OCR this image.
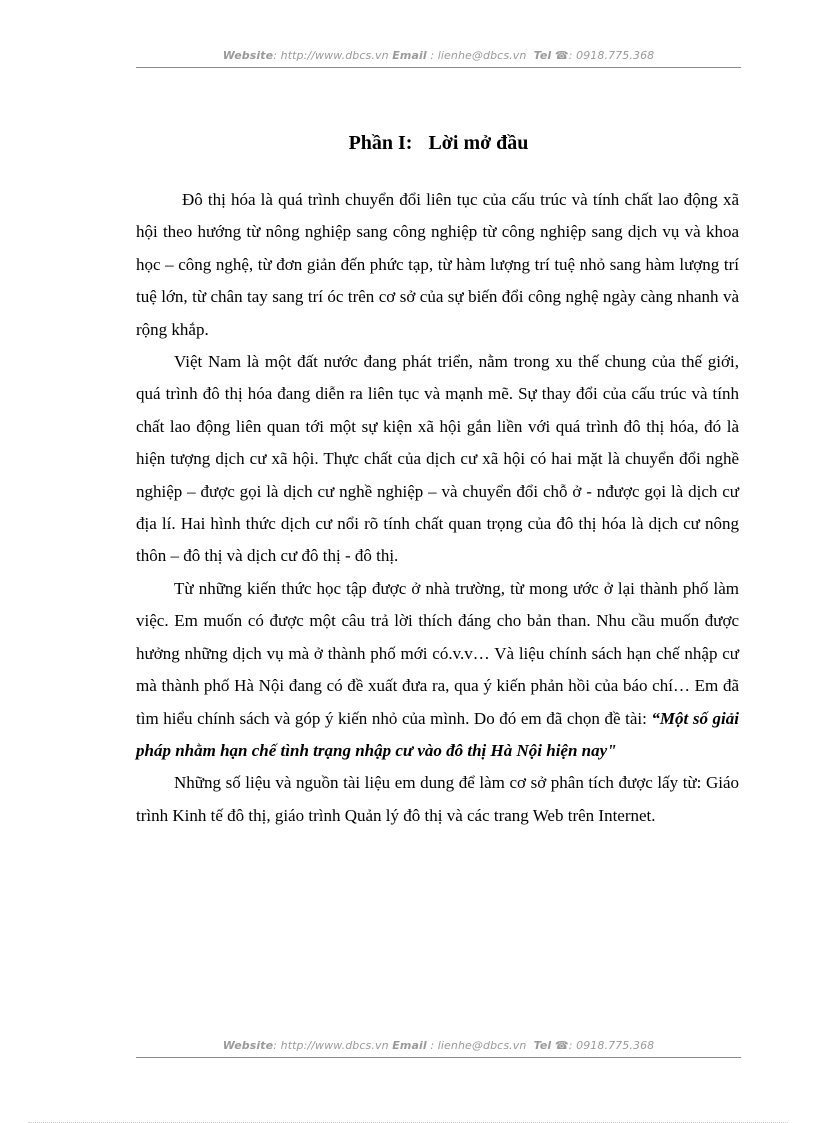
Website: http://www.dbcs.vn Email : lienhe@dbcs.vn Tel ☎: 0918.775.368
Phần I: Lời mở đầu

Đô thị hóa là quá trình chuyển đổi liên tục của cấu trúc và tính chất lao động xã hội theo hướng từ nông nghiệp sang công nghiệp từ công nghiệp sang dịch vụ và khoa học – công nghệ, từ đơn giản đến phức tạp, từ hàm lượng trí tuệ nhỏ sang hàm lượng trí tuệ lớn, từ chân tay sang trí óc trên cơ sở của sự biến đổi công nghệ ngày càng nhanh và rộng khắp.

Việt Nam là một đất nước đang phát triển, nằm trong xu thế chung của thế giới, quá trình đô thị hóa đang diễn ra liên tục và mạnh mẽ. Sự thay đổi của cấu trúc và tính chất lao động liên quan tới một sự kiện xã hội gắn liền với quá trình đô thị hóa, đó là hiện tượng dịch cư xã hội. Thực chất của dịch cư xã hội có hai mặt là chuyển đổi nghề nghiệp – được gọi là dịch cư nghề nghiệp – và chuyển đổi chỗ ở - nđược gọi là dịch cư địa lí. Hai hình thức dịch cư nổi rõ tính chất quan trọng của đô thị hóa là dịch cư nông thôn – đô thị và dịch cư đô thị - đô thị.

Từ những kiến thức học tập được ở nhà trường, từ mong ước ở lại thành phố làm việc. Em muốn có được một câu trả lời thích đáng cho bản than. Nhu cầu muốn được hưởng những dịch vụ mà ở thành phố mới có.v.v… Và liệu chính sách hạn chế nhập cư mà thành phố Hà Nội đang có đề xuất đưa ra, qua ý kiến phản hồi của báo chí… Em đã tìm hiểu chính sách và góp ý kiến nhỏ của mình. Do đó em đã chọn đề tài: “Một số giải pháp nhằm hạn chế tình trạng nhập cư vào đô thị Hà Nội hiện nay"

Những số liệu và nguồn tài liệu em dung để làm cơ sở phân tích được lấy từ: Giáo trình Kinh tế đô thị, giáo trình Quản lý đô thị và các trang Web trên Internet.

Website: http://www.dbcs.vn Email : lienhe@dbcs.vn Tel ☎: 0918.775.368
